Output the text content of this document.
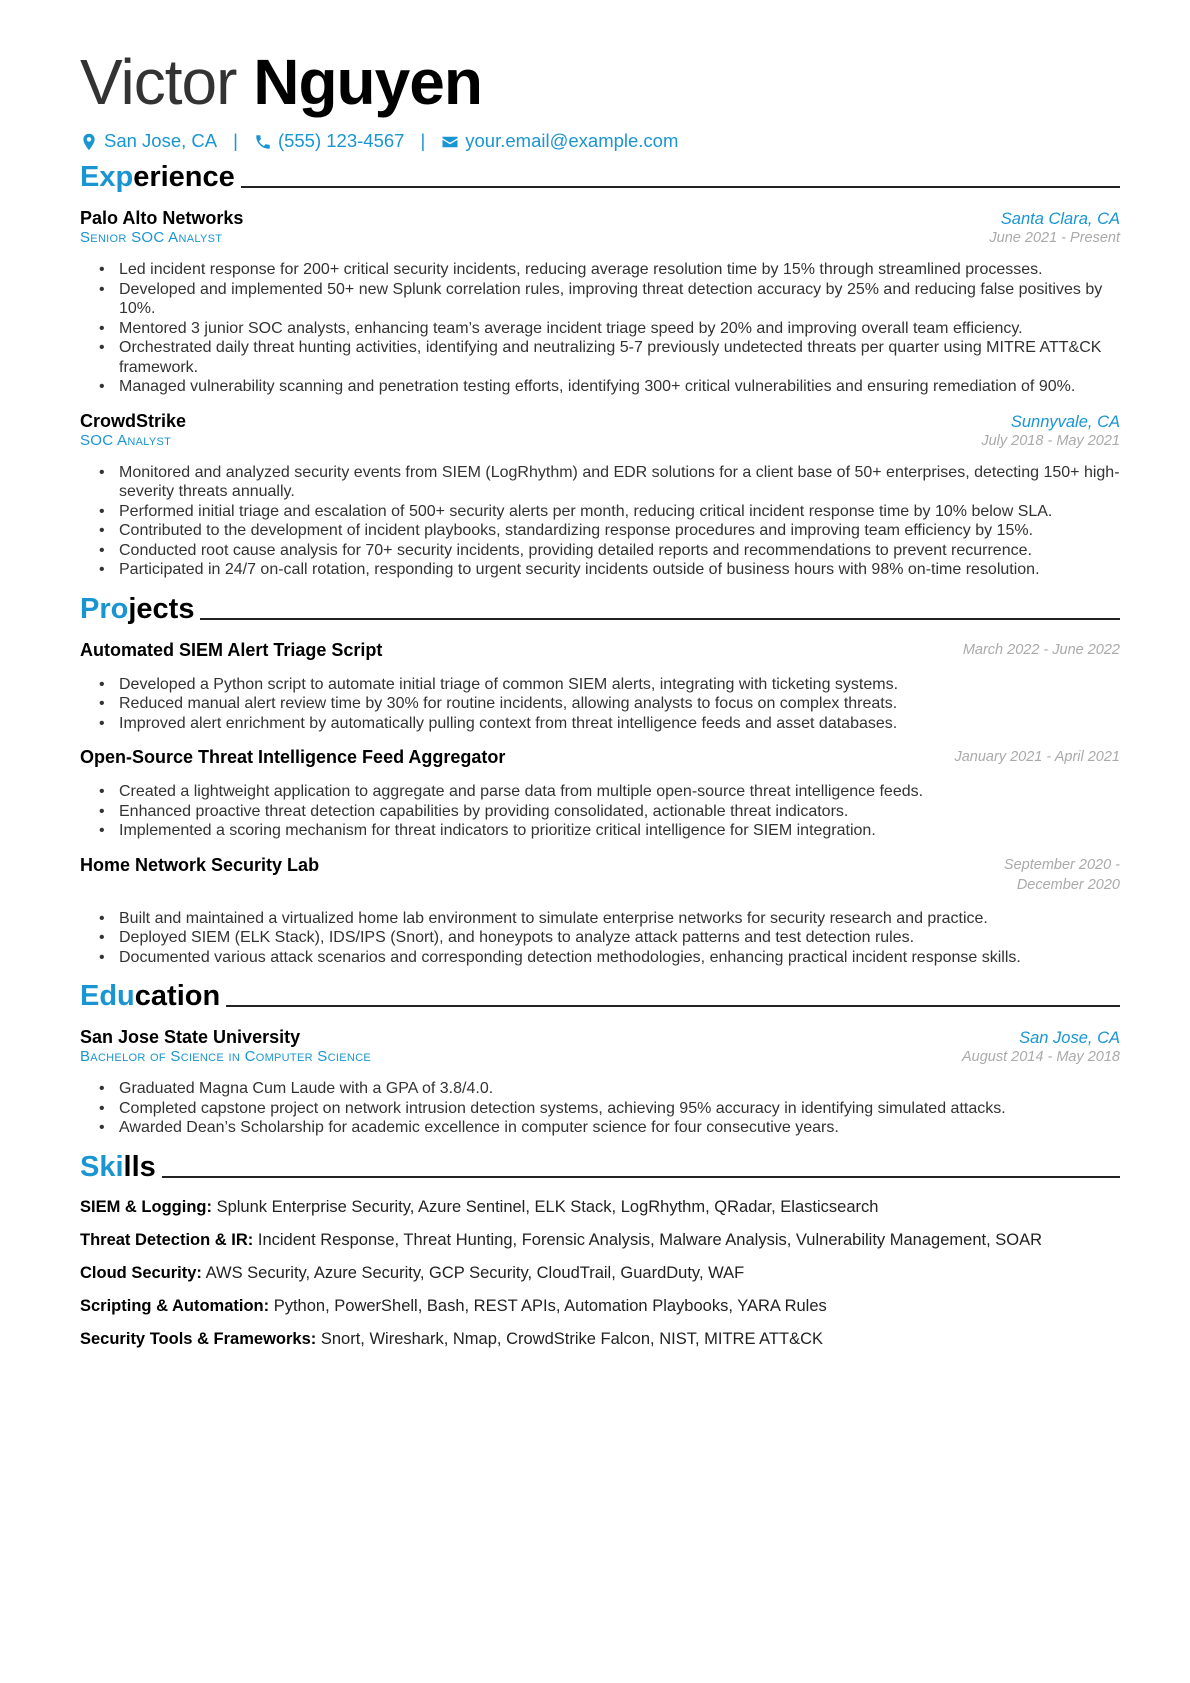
Victor Nguyen
San Jose, CA |	(555) 123-4567 |	your.email@example.com
Experience
Palo Alto Networks	Santa Clara, CA
Senior SOC Analyst	June 2021 - Present
• Led incident response for 200+ critical security incidents, reducing average resolution time by 15% through streamlined processes.
• Developed and implemented 50+ new Splunk correlation rules, improving threat detection accuracy by 25% and reducing false positives by 10%.
• Mentored 3 junior SOC analysts, enhancing team’s average incident triage speed by 20% and improving overall team efficiency.
• Orchestrated daily threat hunting activities, identifying and neutralizing 5-7 previously undetected threats per quarter using MITRE ATT&CK framework.
• Managed vulnerability scanning and penetration testing efforts, identifying 300+ critical vulnerabilities and ensuring remediation of 90%.
CrowdStrike	Sunnyvale, CA
SOC Analyst	July 2018 - May 2021
• Monitored and analyzed security events from SIEM (LogRhythm) and EDR solutions for a client base of 50+ enterprises, detecting 150+ high-severity threats annually.
• Performed initial triage and escalation of 500+ security alerts per month, reducing critical incident response time by 10% below SLA.
• Contributed to the development of incident playbooks, standardizing response procedures and improving team efficiency by 15%.
• Conducted root cause analysis for 70+ security incidents, providing detailed reports and recommendations to prevent recurrence.
• Participated in 24/7 on-call rotation, responding to urgent security incidents outside of business hours with 98% on-time resolution.
Projects
Automated SIEM Alert Triage Script	March 2022 - June 2022
• Developed a Python script to automate initial triage of common SIEM alerts, integrating with ticketing systems.
• Reduced manual alert review time by 30% for routine incidents, allowing analysts to focus on complex threats.
• Improved alert enrichment by automatically pulling context from threat intelligence feeds and asset databases.
Open-Source Threat Intelligence Feed Aggregator	January 2021 - April 2021
• Created a lightweight application to aggregate and parse data from multiple open-source threat intelligence feeds.
• Enhanced proactive threat detection capabilities by providing consolidated, actionable threat indicators.
• Implemented a scoring mechanism for threat indicators to prioritize critical intelligence for SIEM integration.
Home Network Security Lab	September 2020 - December 2020
• Built and maintained a virtualized home lab environment to simulate enterprise networks for security research and practice.
• Deployed SIEM (ELK Stack), IDS/IPS (Snort), and honeypots to analyze attack patterns and test detection rules.
• Documented various attack scenarios and corresponding detection methodologies, enhancing practical incident response skills.
Education
San Jose State University	San Jose, CA
Bachelor of Science in Computer Science	August 2014 - May 2018
• Graduated Magna Cum Laude with a GPA of 3.8/4.0.
• Completed capstone project on network intrusion detection systems, achieving 95% accuracy in identifying simulated attacks.
• Awarded Dean’s Scholarship for academic excellence in computer science for four consecutive years.
Skills
SIEM & Logging: Splunk Enterprise Security, Azure Sentinel, ELK Stack, LogRhythm, QRadar, Elasticsearch
Threat Detection & IR: Incident Response, Threat Hunting, Forensic Analysis, Malware Analysis, Vulnerability Management, SOAR
Cloud Security: AWS Security, Azure Security, GCP Security, CloudTrail, GuardDuty, WAF
Scripting & Automation: Python, PowerShell, Bash, REST APIs, Automation Playbooks, YARA Rules
Security Tools & Frameworks: Snort, Wireshark, Nmap, CrowdStrike Falcon, NIST, MITRE ATT&CK
